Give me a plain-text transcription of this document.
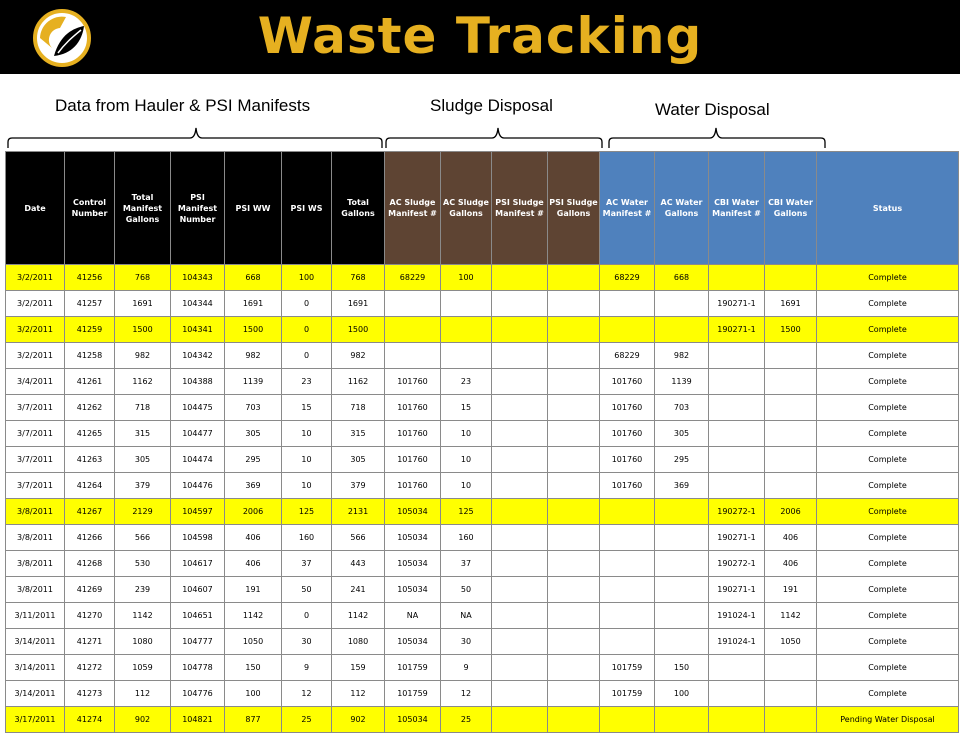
Waste Tracking
Data from Hauler & PSI Manifests	Sludge Disposal	Water Disposal
Date	Control Number	Total Manifest Gallons	PSI Manifest Number	PSI WW	PSI WS	Total Gallons	AC Sludge Manifest #	AC Sludge Gallons	PSI Sludge Manifest #	PSI Sludge Gallons	AC Water Manifest #	AC Water Gallons	CBI Water Manifest #	CBI Water Gallons	Status
3/2/2011	41256	768	104343	668	100	768	68229	100			68229	668			Complete
3/2/2011	41257	1691	104344	1691	0	1691							190271-1	1691	Complete
3/2/2011	41259	1500	104341	1500	0	1500							190271-1	1500	Complete
3/2/2011	41258	982	104342	982	0	982					68229	982			Complete
3/4/2011	41261	1162	104388	1139	23	1162	101760	23			101760	1139			Complete
3/7/2011	41262	718	104475	703	15	718	101760	15			101760	703			Complete
3/7/2011	41265	315	104477	305	10	315	101760	10			101760	305			Complete
3/7/2011	41263	305	104474	295	10	305	101760	10			101760	295			Complete
3/7/2011	41264	379	104476	369	10	379	101760	10			101760	369			Complete
3/8/2011	41267	2129	104597	2006	125	2131	105034	125					190272-1	2006	Complete
3/8/2011	41266	566	104598	406	160	566	105034	160					190271-1	406	Complete
3/8/2011	41268	530	104617	406	37	443	105034	37					190272-1	406	Complete
3/8/2011	41269	239	104607	191	50	241	105034	50					190271-1	191	Complete
3/11/2011	41270	1142	104651	1142	0	1142	NA	NA					191024-1	1142	Complete
3/14/2011	41271	1080	104777	1050	30	1080	105034	30					191024-1	1050	Complete
3/14/2011	41272	1059	104778	150	9	159	101759	9			101759	150			Complete
3/14/2011	41273	112	104776	100	12	112	101759	12			101759	100			Complete
3/17/2011	41274	902	104821	877	25	902	105034	25							Pending Water Disposal
